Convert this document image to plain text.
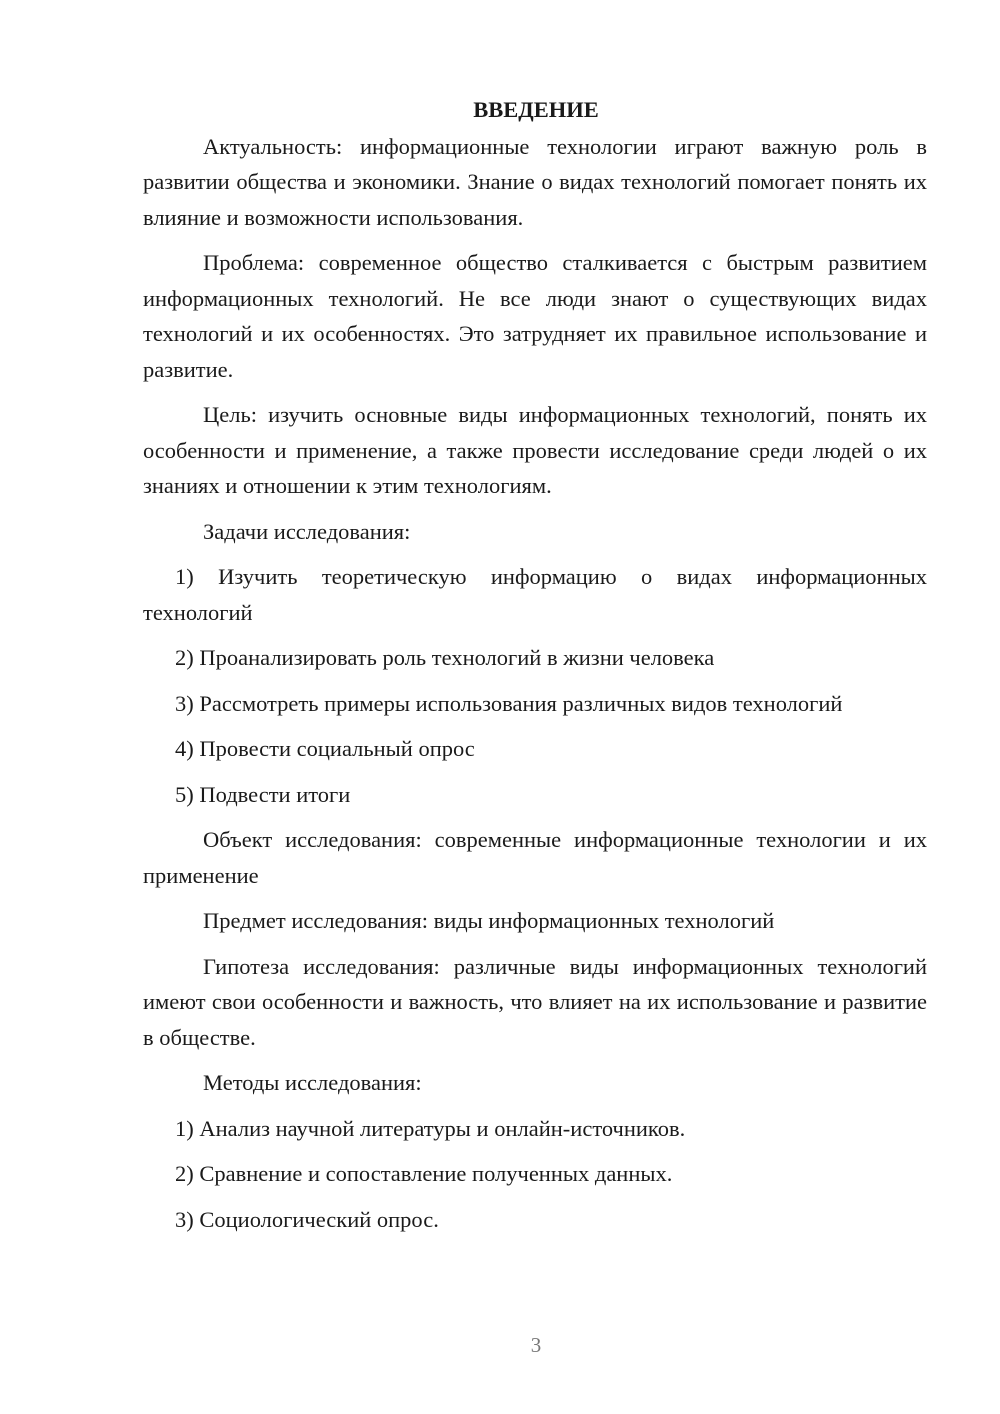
ВВЕДЕНИЕ

Актуальность: информационные технологии играют важную роль в развитии общества и экономики. Знание о видах технологий помогает понять их влияние и возможности использования.

Проблема: современное общество сталкивается с быстрым развитием информационных технологий. Не все люди знают о существующих видах технологий и их особенностях. Это затрудняет их правильное использование и развитие.

Цель: изучить основные виды информационных технологий, понять их особенности и применение, а также провести исследование среди людей о их знаниях и отношении к этим технологиям.

Задачи исследования:

1) Изучить теоретическую информацию о видах информационных технологий

2) Проанализировать роль технологий в жизни человека

3) Рассмотреть примеры использования различных видов технологий

4) Провести социальный опрос

5) Подвести итоги

Объект исследования: современные информационные технологии и их применение

Предмет исследования: виды информационных технологий

Гипотеза исследования: различные виды информационных технологий имеют свои особенности и важность, что влияет на их использование и развитие в обществе.

Методы исследования:

1) Анализ научной литературы и онлайн-источников.

2) Сравнение и сопоставление полученных данных.

3) Социологический опрос.

3
